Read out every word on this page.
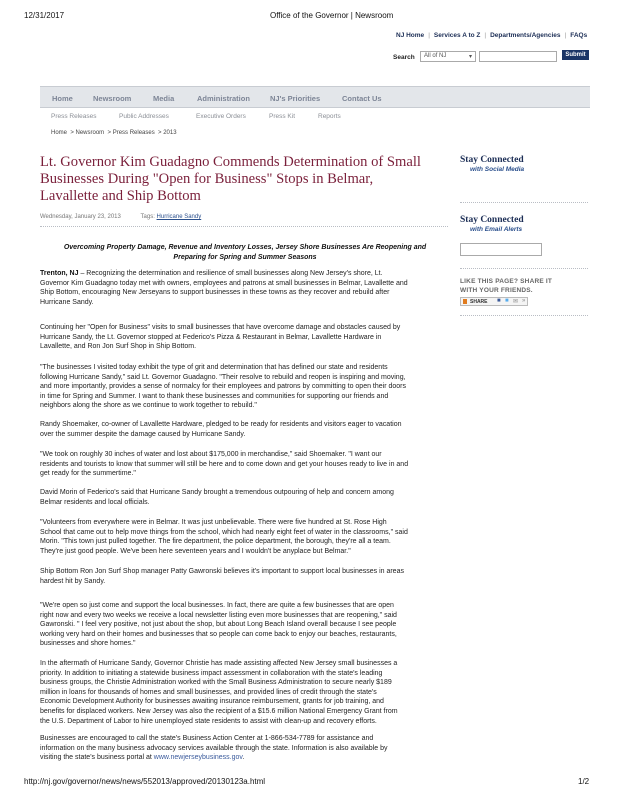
12/31/2017	Office of the Governor | Newsroom
NJ Home | Services A to Z | Departments/Agencies | FAQs
Search	All of NJ	▾	Submit
Home	Newsroom	Media	Administration	NJ's Priorities	Contact Us
Press Releases	Public Addresses	Executive Orders	Press Kit	Reports
Home  > Newsroom  > Press Releases  > 2013
Lt. Governor Kim Guadagno Commends Determination of Small
Businesses During "Open for Business" Stops in Belmar,
Lavallette and Ship Bottom
Wednesday, January 23, 2013	Tags: Hurricane Sandy
Overcoming Property Damage, Revenue and Inventory Losses, Jersey Shore Businesses Are Reopening and
Preparing for Spring and Summer Seasons
Trenton, NJ – Recognizing the determination and resilience of small businesses along New Jersey's shore, Lt.
Governor Kim Guadagno today met with owners, employees and patrons at small businesses in Belmar, Lavallette and
Ship Bottom, encouraging New Jerseyans to support businesses in these towns as they recover and rebuild after
Hurricane Sandy.
Continuing her "Open for Business" visits to small businesses that have overcome damage and obstacles caused by
Hurricane Sandy, the Lt. Governor stopped at Federico's Pizza & Restaurant in Belmar, Lavallette Hardware in
Lavallette, and Ron Jon Surf Shop in Ship Bottom.
"The businesses I visited today exhibit the type of grit and determination that has defined our state and residents
following Hurricane Sandy," said Lt. Governor Guadagno. "Their resolve to rebuild and reopen is inspiring and moving,
and more importantly, provides a sense of normalcy for their employees and patrons by committing to open their doors
in time for Spring and Summer. I want to thank these businesses and communities for supporting our friends and
neighbors along the shore as we continue to work together to rebuild."
Randy Shoemaker, co-owner of Lavallette Hardware, pledged to be ready for residents and visitors eager to vacation
over the summer despite the damage caused by Hurricane Sandy.
"We took on roughly 30 inches of water and lost about $175,000 in merchandise," said Shoemaker. "I want our
residents and tourists to know that summer will still be here and to come down and get your houses ready to live in and
get ready for the summertime."
David Morin of Federico's said that Hurricane Sandy brought a tremendous outpouring of help and concern among
Belmar residents and local officials.
"Volunteers from everywhere were in Belmar. It was just unbelievable. There were five hundred at St. Rose High
School that came out to help move things from the school, which had nearly eight feet of water in the classrooms," said
Morin. "This town just pulled together. The fire department, the police department, the borough, they're all a team.
They're just good people. We've been here seventeen years and I wouldn't be anyplace but Belmar."
Ship Bottom Ron Jon Surf Shop manager Patty Gawronski believes it's important to support local businesses in areas
hardest hit by Sandy.
"We're open so just come and support the local businesses. In fact, there are quite a few businesses that are open
right now and every two weeks we receive a local newsletter listing even more businesses that are reopening," said
Gawronski. " I feel very positive, not just about the shop, but about Long Beach Island overall because I see people
working very hard on their homes and businesses that so people can come back to enjoy our beaches, restaurants,
businesses and shore homes."
In the aftermath of Hurricane Sandy, Governor Christie has made assisting affected New Jersey small businesses a
priority. In addition to initiating a statewide business impact assessment in collaboration with the state's leading
business groups, the Christie Administration worked with the Small Business Administration to secure nearly $189
million in loans for thousands of homes and small businesses, and provided lines of credit through the state's
Economic Development Authority for businesses awaiting insurance reimbursement, grants for job training, and
benefits for displaced workers. New Jersey was also the recipient of a $15.6 million National Emergency Grant from
the U.S. Department of Labor to hire unemployed state residents to assist with clean-up and recovery efforts.
Businesses are encouraged to call the state's Business Action Center at 1-866-534-7789 for assistance and
information on the many business advocacy services available through the state. Information is also available by
visiting the state's business portal at www.newjerseybusiness.gov.
Stay Connected
with Social Media
Stay Connected
with Email Alerts
LIKE THIS PAGE? SHARE IT
WITH YOUR FRIENDS.
SHARE ■ ■ ✉ »
http://nj.gov/governor/news/news/552013/approved/20130123a.html	1/2
